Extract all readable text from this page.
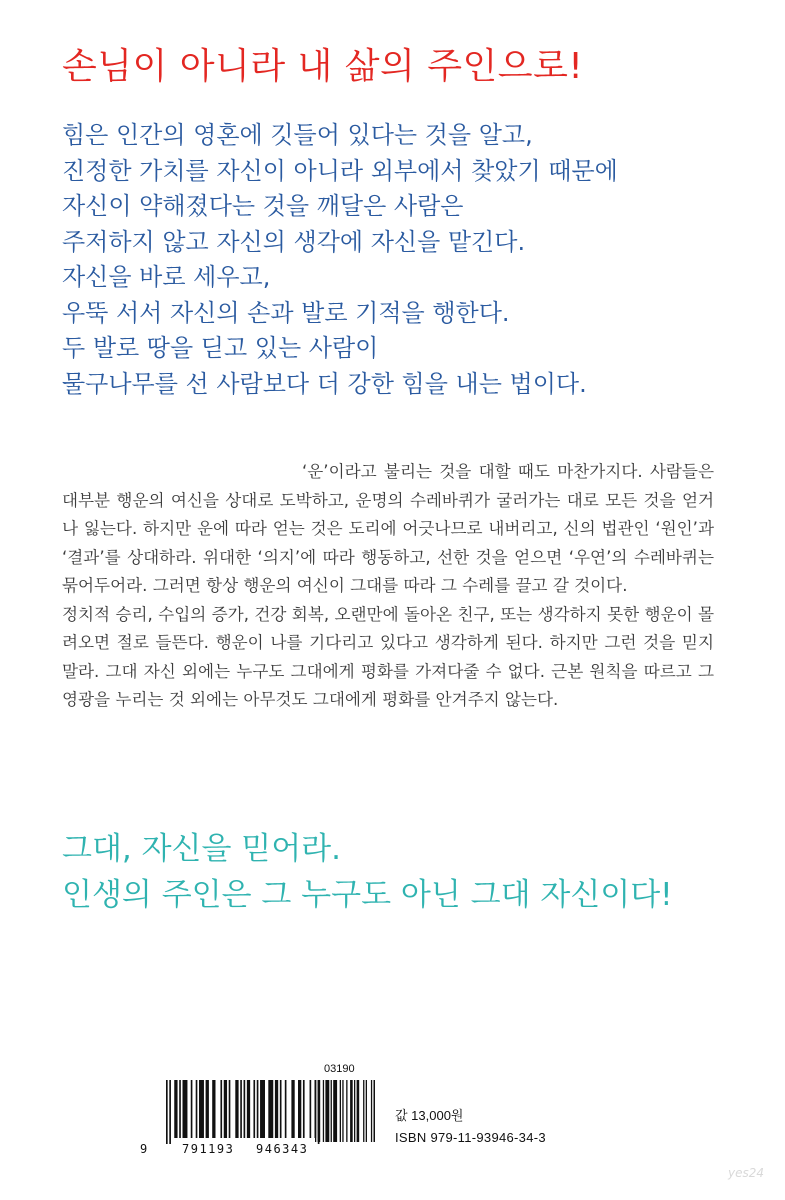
손님이 아니라 내 삶의 주인으로!
힘은 인간의 영혼에 깃들어 있다는 것을 알고,
진정한 가치를 자신이 아니라 외부에서 찾았기 때문에
자신이 약해졌다는 것을 깨달은 사람은
주저하지 않고 자신의 생각에 자신을 맡긴다.
자신을 바로 세우고,
우뚝 서서 자신의 손과 발로 기적을 행한다.
두 발로 땅을 딛고 있는 사람이
물구나무를 선 사람보다 더 강한 힘을 내는 법이다.

‘운’이라고 불리는 것을 대할 때도 마찬가지다. 사람들은 대부분 행운의 여신을 상대로 도박하고, 운명의 수레바퀴가 굴러가는 대로 모든 것을 얻거나 잃는다. 하지만 운에 따라 얻는 것은 도리에 어긋나므로 내버리고, 신의 법관인 ‘원인’과 ‘결과’를 상대하라. 위대한 ‘의지’에 따라 행동하고, 선한 것을 얻으면 ‘우연’의 수레바퀴는 묶어두어라. 그러면 항상 행운의 여신이 그대를 따라 그 수레를 끌고 갈 것이다.

정치적 승리, 수입의 증가, 건강 회복, 오랜만에 돌아온 친구, 또는 생각하지 못한 행운이 몰려오면 절로 들뜬다. 행운이 나를 기다리고 있다고 생각하게 된다. 하지만 그런 것을 믿지 말라. 그대 자신 외에는 누구도 그대에게 평화를 가져다줄 수 없다. 근본 원칙을 따르고 그 영광을 누리는 것 외에는 아무것도 그대에게 평화를 안겨주지 않는다.

그대, 자신을 믿어라.
인생의 주인은 그 누구도 아닌 그대 자신이다!
03190
9	791193 946343
값 13,000원
ISBN 979-11-93946-34-3
yes24
